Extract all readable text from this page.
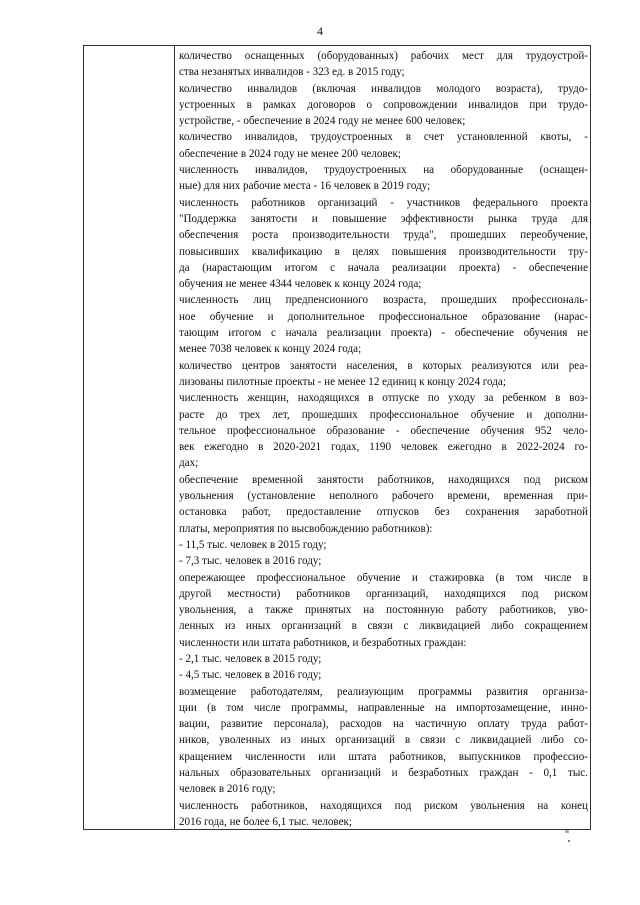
4

количество оснащенных (оборудованных) рабочих мест для трудоустрой-

ства незанятых инвалидов - 323 ед. в 2015 году;

количество инвалидов (включая инвалидов молодого возраста), трудо-

устроенных в рамках договоров о сопровождении инвалидов при трудо-

устройстве, - обеспечение в 2024 году не менее 600 человек;

количество инвалидов, трудоустроенных в счет установленной квоты, -

обеспечение в 2024 году не менее 200 человек;

численность инвалидов, трудоустроенных на оборудованные (оснащен-

ные) для них рабочие места - 16 человек в 2019 году;

численность работников организаций - участников федерального проекта

"Поддержка занятости и повышение эффективности рынка труда для

обеспечения роста производительности труда", прошедших переобучение,

повысивших квалификацию в целях повышения производительности тру-

да (нарастающим итогом с начала реализации проекта) - обеспечение

обучения не менее 4344 человек к концу 2024 года;

численность лиц предпенсионного возраста, прошедших профессиональ-

ное обучение и дополнительное профессиональное образование (нарас-

тающим итогом с начала реализации проекта) - обеспечение обучения не

менее 7038 человек к концу 2024 года;

количество центров занятости населения, в которых реализуются или реа-

лизованы пилотные проекты - не менее 12 единиц к концу 2024 года;

численность женщин, находящихся в отпуске по уходу за ребенком в воз-

расте до трех лет, прошедших профессиональное обучение и дополни-

тельное профессиональное образование - обеспечение обучения 952 чело-

век ежегодно в 2020-2021 годах, 1190 человек ежегодно в 2022-2024 го-

дах;

обеспечение временной занятости работников, находящихся под риском

увольнения (установление неполного рабочего времени, временная при-

остановка работ, предоставление отпусков без сохранения заработной

платы, мероприятия по высвобождению работников):

- 11,5 тыс. человек в 2015 году;

- 7,3 тыс. человек в 2016 году;

опережающее профессиональное обучение и стажировка (в том числе в

другой местности) работников организаций, находящихся под риском

увольнения, а также принятых на постоянную работу работников, уво-

ленных из иных организаций в связи с ликвидацией либо сокращением

численности или штата работников, и безработных граждан:

- 2,1 тыс. человек в 2015 году;

- 4,5 тыс. человек в 2016 году;

возмещение работодателям, реализующим программы развития организа-

ции (в том числе программы, направленные на импортозамещение, инно-

вации, развитие персонала), расходов на частичную оплату труда работ-

ников, уволенных из иных организаций в связи с ликвидацией либо со-

кращением численности или штата работников, выпускников профессио-

нальных образовательных организаций и безработных граждан - 0,1 тыс.

человек в 2016 году;

численность работников, находящихся под риском увольнения на конец

2016 года, не более 6,1 тыс. человек;

м
